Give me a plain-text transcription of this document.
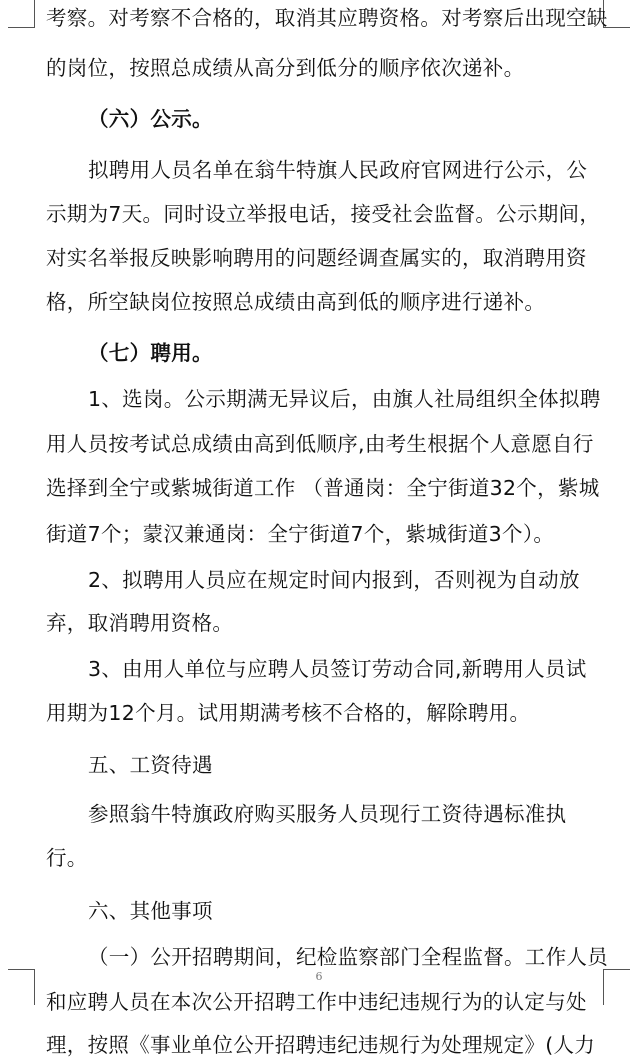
考察。对考察不合格的，取消其应聘资格。对考察后出现空缺
的岗位，按照总成绩从高分到低分的顺序依次递补。
（六）公示。
拟聘用人员名单在翁牛特旗人民政府官网进行公示，公
示期为7天。同时设立举报电话，接受社会监督。公示期间，
对实名举报反映影响聘用的问题经调查属实的，取消聘用资
格，所空缺岗位按照总成绩由高到低的顺序进行递补。
（七）聘用。
1、选岗。公示期满无异议后，由旗人社局组织全体拟聘
用人员按考试总成绩由高到低顺序,由考生根据个人意愿自行
选择到全宁或紫城街道工作 （普通岗：全宁街道32个，紫城
街道7个；蒙汉兼通岗：全宁街道7个，紫城街道3个）。
2、拟聘用人员应在规定时间内报到，否则视为自动放
弃，取消聘用资格。
3、由用人单位与应聘人员签订劳动合同,新聘用人员试
用期为12个月。试用期满考核不合格的，解除聘用。
五、工资待遇
参照翁牛特旗政府购买服务人员现行工资待遇标准执
行。
六、其他事项
（一）公开招聘期间，纪检监察部门全程监督。工作人员
和应聘人员在本次公开招聘工作中违纪违规行为的认定与处
理，按照《事业单位公开招聘违纪违规行为处理规定》(人力
6
